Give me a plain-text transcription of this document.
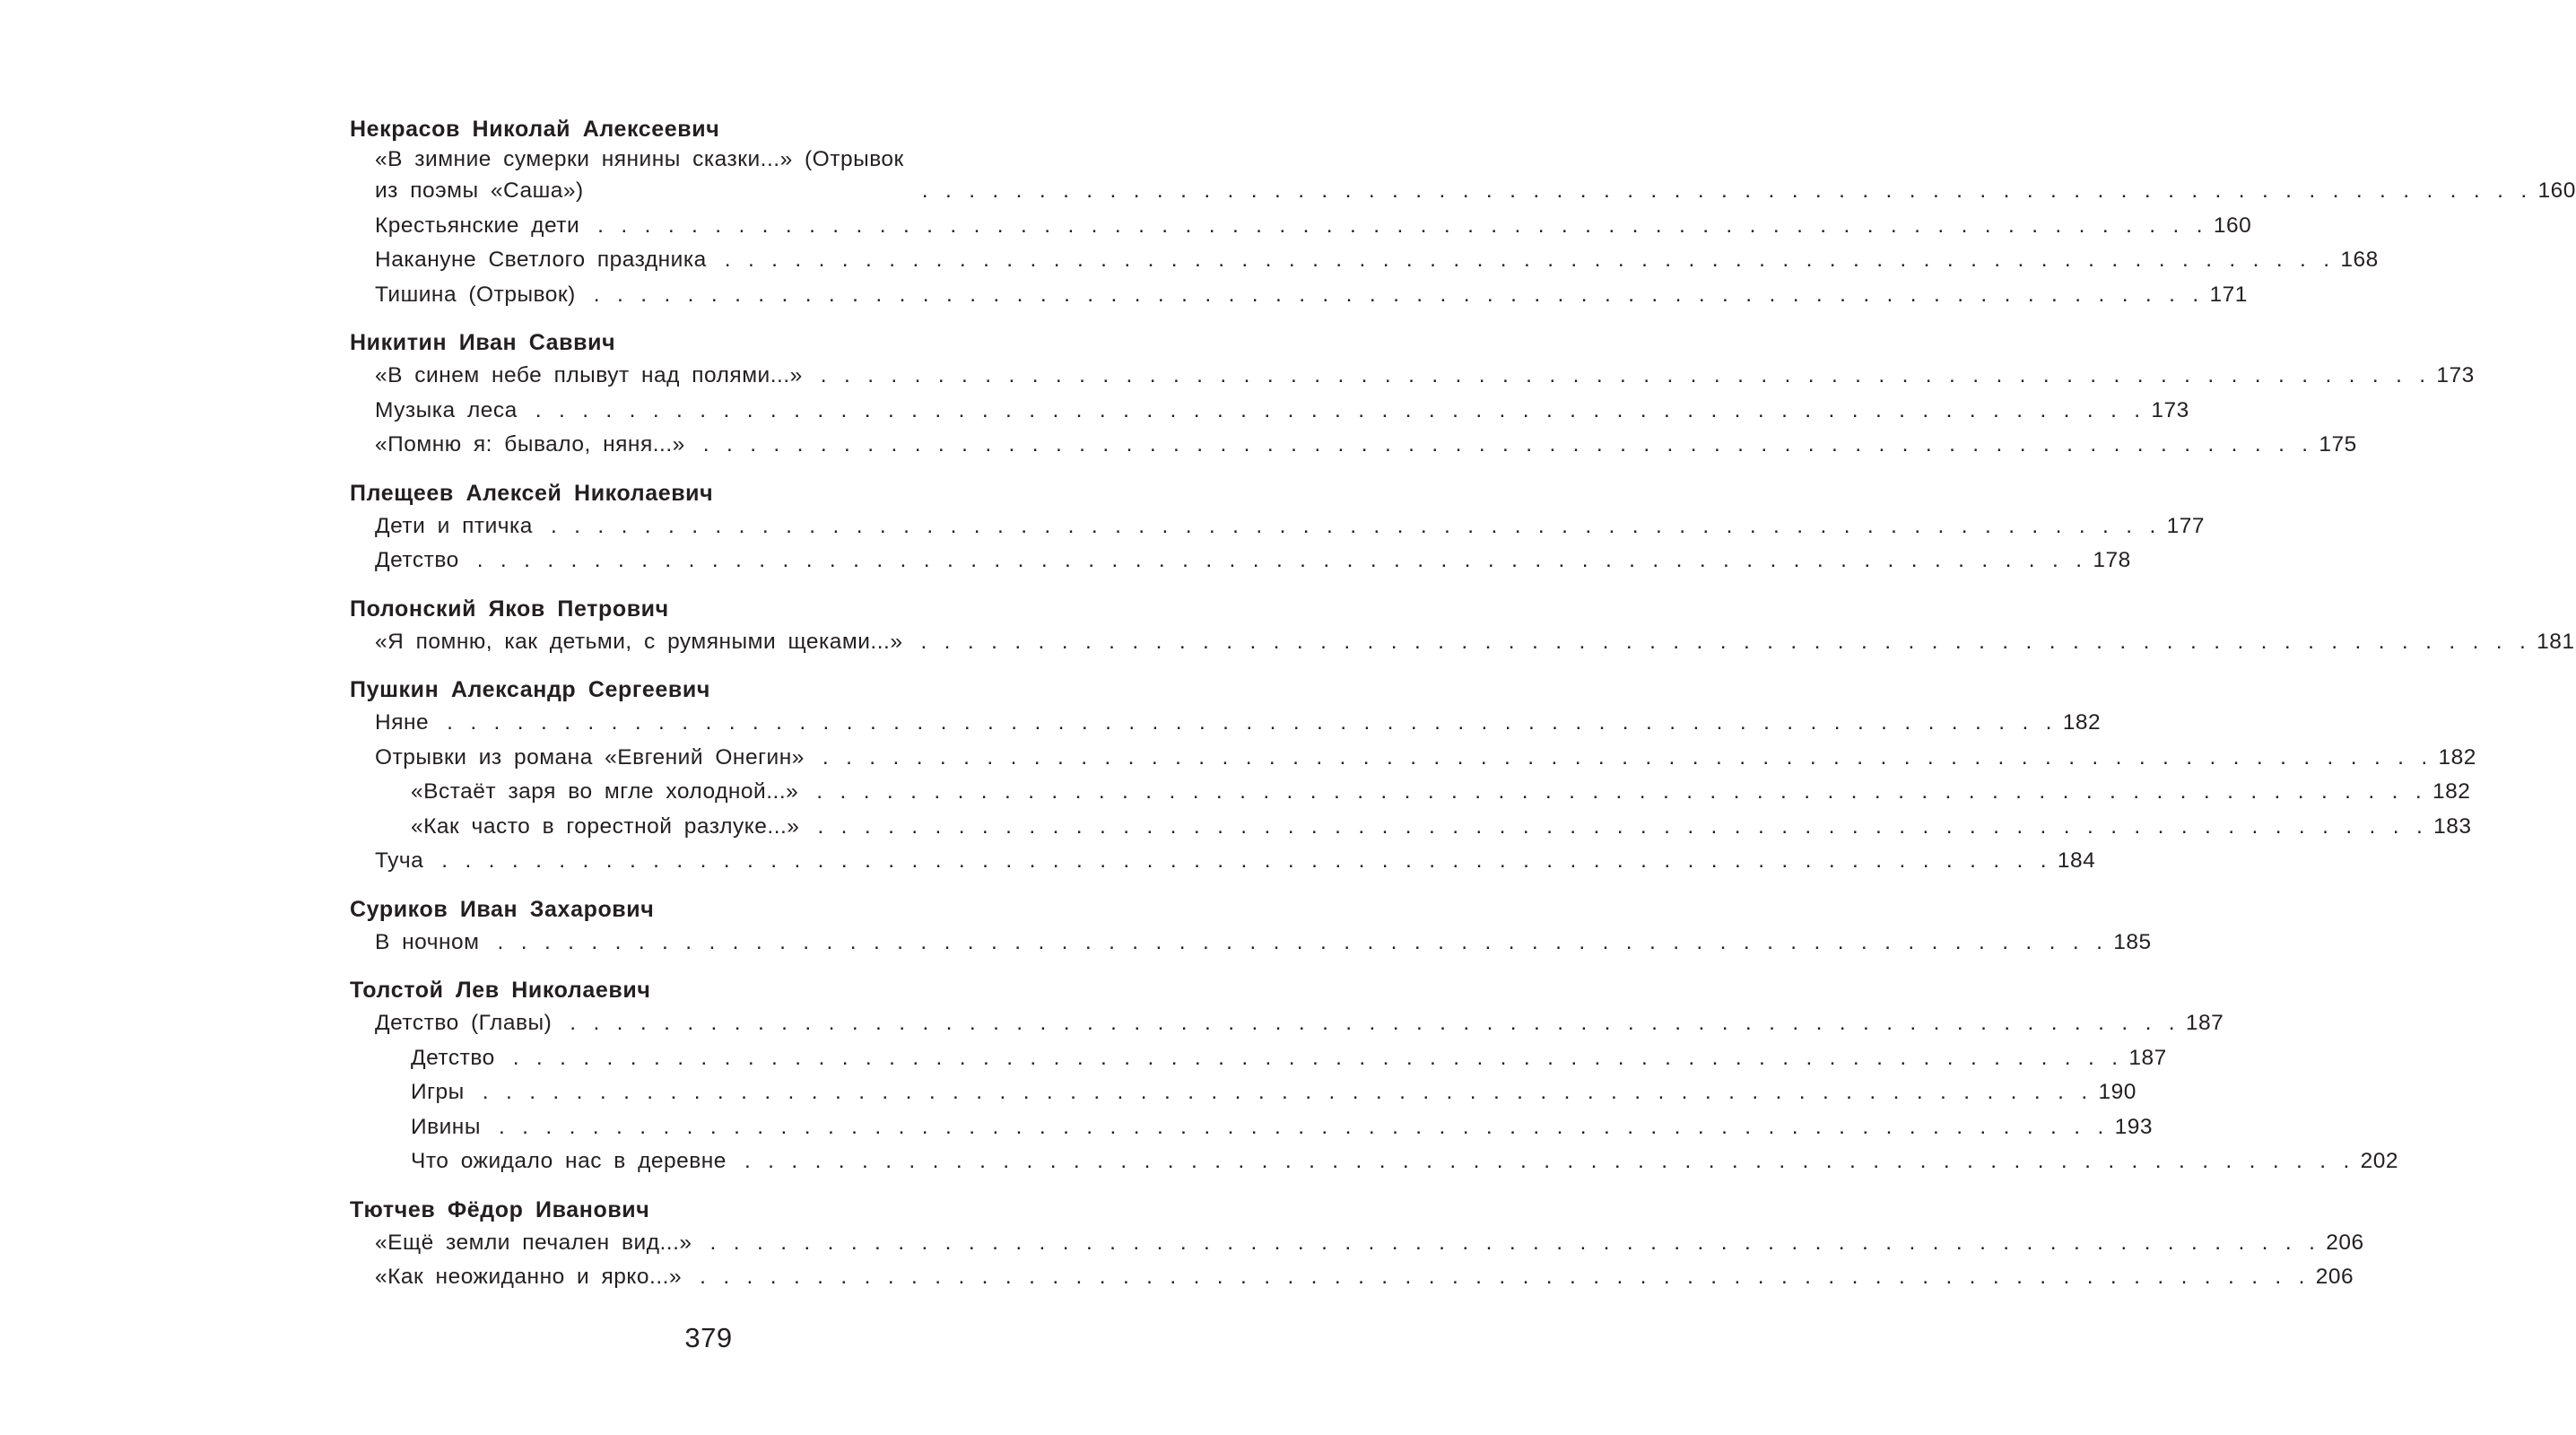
Некрасов Николай Алексеевич
«В зимние сумерки нянины сказки...» (Отрывок
из поэмы «Саша»)	. . . . . . . . . . . . . . . . . . . . . . . . . . . . . . . . . . . . . . . . . . . . . . . . . . . . . . . . . . . . . . . . . . . . . 160
Крестьянские дети . . . . . . . . . . . . . . . . . . . . . . . . . . . . . . . . . . . . . . . . . . . . . . . . . . . . . . . . . . . . . . . . . . . . . 160
Накануне Светлого праздника . . . . . . . . . . . . . . . . . . . . . . . . . . . . . . . . . . . . . . . . . . . . . . . . . . . . . . . . . . . . . . . . . . . . . 168
Тишина (Отрывок) . . . . . . . . . . . . . . . . . . . . . . . . . . . . . . . . . . . . . . . . . . . . . . . . . . . . . . . . . . . . . . . . . . . . . 171
Никитин Иван Саввич
«В синем небе плывут над полями...» . . . . . . . . . . . . . . . . . . . . . . . . . . . . . . . . . . . . . . . . . . . . . . . . . . . . . . . . . . . . . . . . . . . . . 173
Музыка леса . . . . . . . . . . . . . . . . . . . . . . . . . . . . . . . . . . . . . . . . . . . . . . . . . . . . . . . . . . . . . . . . . . . . . 173
«Помню я: бывало, няня...» . . . . . . . . . . . . . . . . . . . . . . . . . . . . . . . . . . . . . . . . . . . . . . . . . . . . . . . . . . . . . . . . . . . . . 175
Плещеев Алексей Николаевич
Дети и птичка . . . . . . . . . . . . . . . . . . . . . . . . . . . . . . . . . . . . . . . . . . . . . . . . . . . . . . . . . . . . . . . . . . . . . 177
Детство . . . . . . . . . . . . . . . . . . . . . . . . . . . . . . . . . . . . . . . . . . . . . . . . . . . . . . . . . . . . . . . . . . . . . 178
Полонский Яков Петрович
«Я помню, как детьми, с румяными щеками...» . . . . . . . . . . . . . . . . . . . . . . . . . . . . . . . . . . . . . . . . . . . . . . . . . . . . . . . . . . . . . . . . . . . . . 181
Пушкин Александр Сергеевич
Няне . . . . . . . . . . . . . . . . . . . . . . . . . . . . . . . . . . . . . . . . . . . . . . . . . . . . . . . . . . . . . . . . . . . . . 182
Отрывки из романа «Евгений Онегин» . . . . . . . . . . . . . . . . . . . . . . . . . . . . . . . . . . . . . . . . . . . . . . . . . . . . . . . . . . . . . . . . . . . . . 182
«Встаёт заря во мгле холодной...» . . . . . . . . . . . . . . . . . . . . . . . . . . . . . . . . . . . . . . . . . . . . . . . . . . . . . . . . . . . . . . . . . . . . . 182
«Как часто в горестной разлуке...» . . . . . . . . . . . . . . . . . . . . . . . . . . . . . . . . . . . . . . . . . . . . . . . . . . . . . . . . . . . . . . . . . . . . . 183
Туча . . . . . . . . . . . . . . . . . . . . . . . . . . . . . . . . . . . . . . . . . . . . . . . . . . . . . . . . . . . . . . . . . . . . . 184
Суриков Иван Захарович
В ночном . . . . . . . . . . . . . . . . . . . . . . . . . . . . . . . . . . . . . . . . . . . . . . . . . . . . . . . . . . . . . . . . . . . . . 185
Толстой Лев Николаевич
Детство (Главы) . . . . . . . . . . . . . . . . . . . . . . . . . . . . . . . . . . . . . . . . . . . . . . . . . . . . . . . . . . . . . . . . . . . . . 187
Детство . . . . . . . . . . . . . . . . . . . . . . . . . . . . . . . . . . . . . . . . . . . . . . . . . . . . . . . . . . . . . . . . . . . . . 187
Игры . . . . . . . . . . . . . . . . . . . . . . . . . . . . . . . . . . . . . . . . . . . . . . . . . . . . . . . . . . . . . . . . . . . . . 190
Ивины . . . . . . . . . . . . . . . . . . . . . . . . . . . . . . . . . . . . . . . . . . . . . . . . . . . . . . . . . . . . . . . . . . . . . 193
Что ожидало нас в деревне . . . . . . . . . . . . . . . . . . . . . . . . . . . . . . . . . . . . . . . . . . . . . . . . . . . . . . . . . . . . . . . . . . . . . 202
Тютчев Фёдор Иванович
«Ещё земли печален вид...» . . . . . . . . . . . . . . . . . . . . . . . . . . . . . . . . . . . . . . . . . . . . . . . . . . . . . . . . . . . . . . . . . . . . . 206
«Как неожиданно и ярко...» . . . . . . . . . . . . . . . . . . . . . . . . . . . . . . . . . . . . . . . . . . . . . . . . . . . . . . . . . . . . . . . . . . . . . 206
379
